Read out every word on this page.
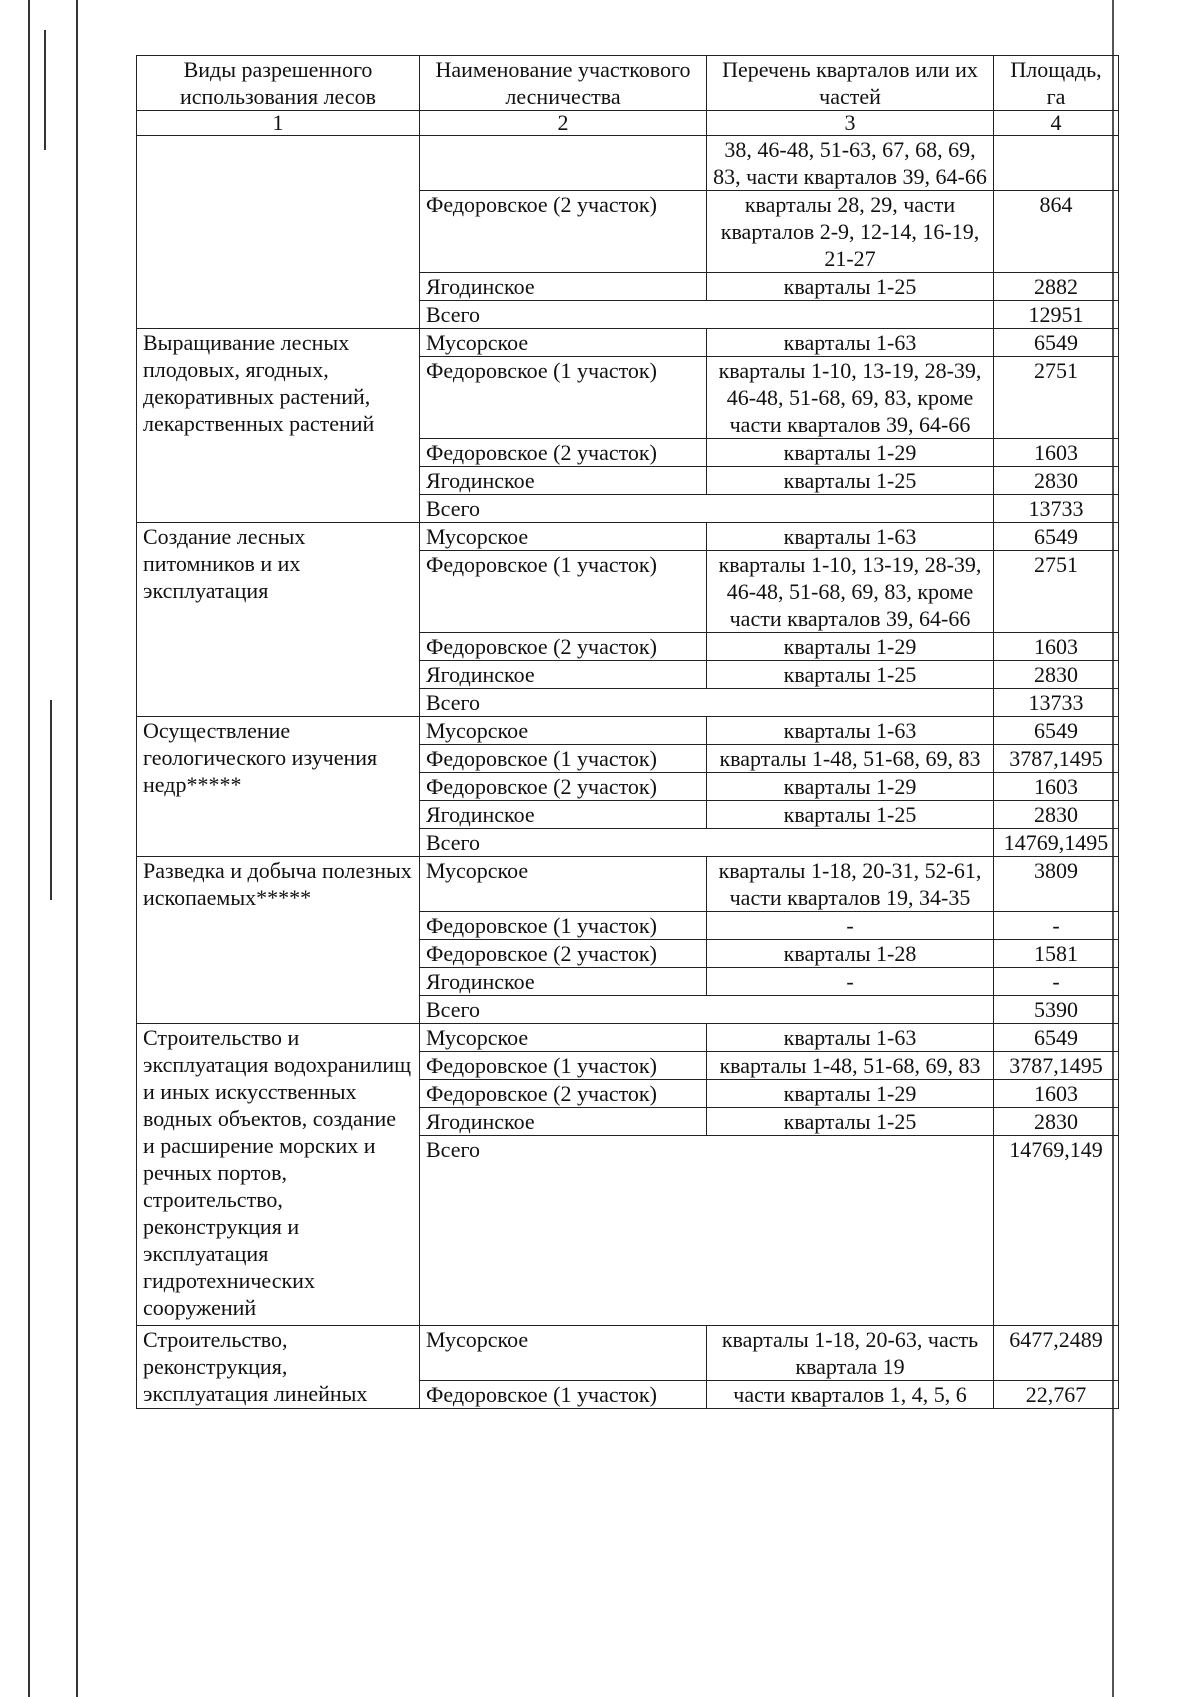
Виды разрешенного использования лесов	Наименование участкового лесничества	Перечень кварталов или их частей	Площадь, га
1	2	3	4
		38, 46-48, 51-63, 67, 68, 69, 83, части кварталов 39, 64-66	
	Федоровское (2 участок)	кварталы 28, 29, части кварталов 2-9, 12-14, 16-19, 21-27	864
	Ягодинское	кварталы 1-25	2882
	Всего		12951
Выращивание лесных плодовых, ягодных, декоративных растений, лекарственных растений	Мусорское	кварталы 1-63	6549
	Федоровское (1 участок)	кварталы 1-10, 13-19, 28-39, 46-48, 51-68, 69, 83, кроме части кварталов 39, 64-66	2751
	Федоровское (2 участок)	кварталы 1-29	1603
	Ягодинское	кварталы 1-25	2830
	Всего		13733
Создание лесных питомников и их эксплуатация	Мусорское	кварталы 1-63	6549
	Федоровское (1 участок)	кварталы 1-10, 13-19, 28-39, 46-48, 51-68, 69, 83, кроме части кварталов 39, 64-66	2751
	Федоровское (2 участок)	кварталы 1-29	1603
	Ягодинское	кварталы 1-25	2830
	Всего		13733
Осуществление геологического изучения недр*****	Мусорское	кварталы 1-63	6549
	Федоровское (1 участок)	кварталы 1-48, 51-68, 69, 83	3787,1495
	Федоровское (2 участок)	кварталы 1-29	1603
	Ягодинское	кварталы 1-25	2830
	Всего		14769,1495
Разведка и добыча полезных ископаемых*****	Мусорское	кварталы 1-18, 20-31, 52-61, части кварталов 19, 34-35	3809
	Федоровское (1 участок)	-	-
	Федоровское (2 участок)	кварталы 1-28	1581
	Ягодинское	-	-
	Всего		5390
Строительство и эксплуатация водохранилищ и иных искусственных водных объектов, создание и расширение морских и речных портов, строительство, реконструкция и эксплуатация гидротехнических сооружений	Мусорское	кварталы 1-63	6549
	Федоровское (1 участок)	кварталы 1-48, 51-68, 69, 83	3787,1495
	Федоровское (2 участок)	кварталы 1-29	1603
	Ягодинское	кварталы 1-25	2830
	Всего		14769,149
Строительство, реконструкция, эксплуатация линейных	Мусорское	кварталы 1-18, 20-63, часть квартала 19	6477,2489
	Федоровское (1 участок)	части кварталов 1, 4, 5, 6	22,767
